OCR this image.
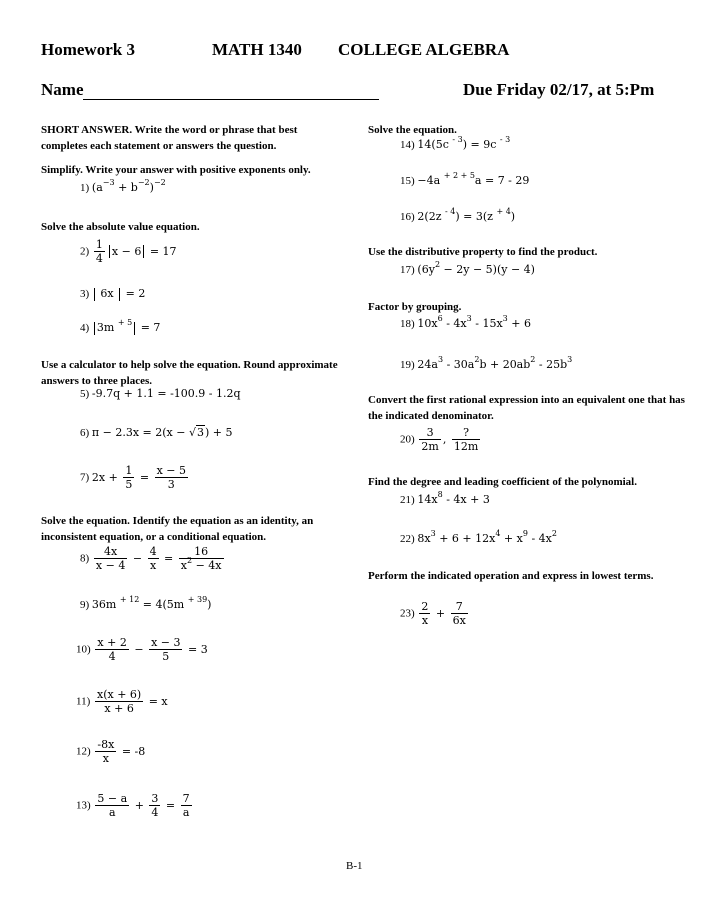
Homework 3	MATH 1340 COLLEGE ALGEBRA
Name	Due Friday 02/17, at 5:Pm
SHORT ANSWER. Write the word or phrase that best completes each statement or answers the question.
Simplify. Write your answer with positive exponents only.
1) $(a^{-3} + b^{-2})^{-2}$
Solve the absolute value equation.
$2) \frac{1}{4}$ x − 6 = 17
3)  6x  = 2
4) 3m $^{+ 5}$ = 7
Use a calculator to help solve the equation. Round approximate answers to three places.
5) -9.7q + 1.1 = -100.9 - 1.2q
6) π − 2.3x = 2(x − √3) + 5
7) $2x + \frac{1}{5} = \frac{x - 5}{3}$
Solve the equation. Identify the equation as an identity, an inconsistent equation, or a conditional equation.
$8) \frac{4x}{x - 4} - \frac{4}{x} = \frac{16}{x^2 - 4x}$
9) 36m $^{+ 12}$ = 4(5m $^{+ 39}$)
$10) \frac{x + 2}{4} - \frac{x - 3}{5} = 3$
$11) \frac{x(x + 6)}{x + 6} = x$
$12) \frac{-8x}{x} = -8$
$13) \frac{5 - a}{a} + \frac{3}{4} = \frac{7}{a}$
Solve the equation.
14) 14(5c $^{- 3}$) = 9c $^{- 3}$
15) −4a $^{+ 2 + 5}$a = 7 - 29
16) 2(2z $^{- 4}$) = 3(z $^{+ 4}$)
Use the distributive property to find the product.
17) $(6y^2 - 2y - 5)(y - 4)$
Factor by grouping.
18) $10x^6 - 4x^3 - 15x^3 + 6$
19) $24a^3 - 30a^2b + 20ab^2 - 25b^3$
Convert the first rational expression into an equivalent one that has the indicated denominator.
$20) \frac{3}{2m}$ , $\frac{?}{12m}$
Find the degree and leading coefficient of the polynomial.
21) $14x^8 - 4x + 3$
22) $8x^3 + 6 + 12x^4 + x^9 - 4x^2$
Perform the indicated operation and express in lowest terms.
$23) \frac{2}{x} + \frac{7}{6x}$
B-1
